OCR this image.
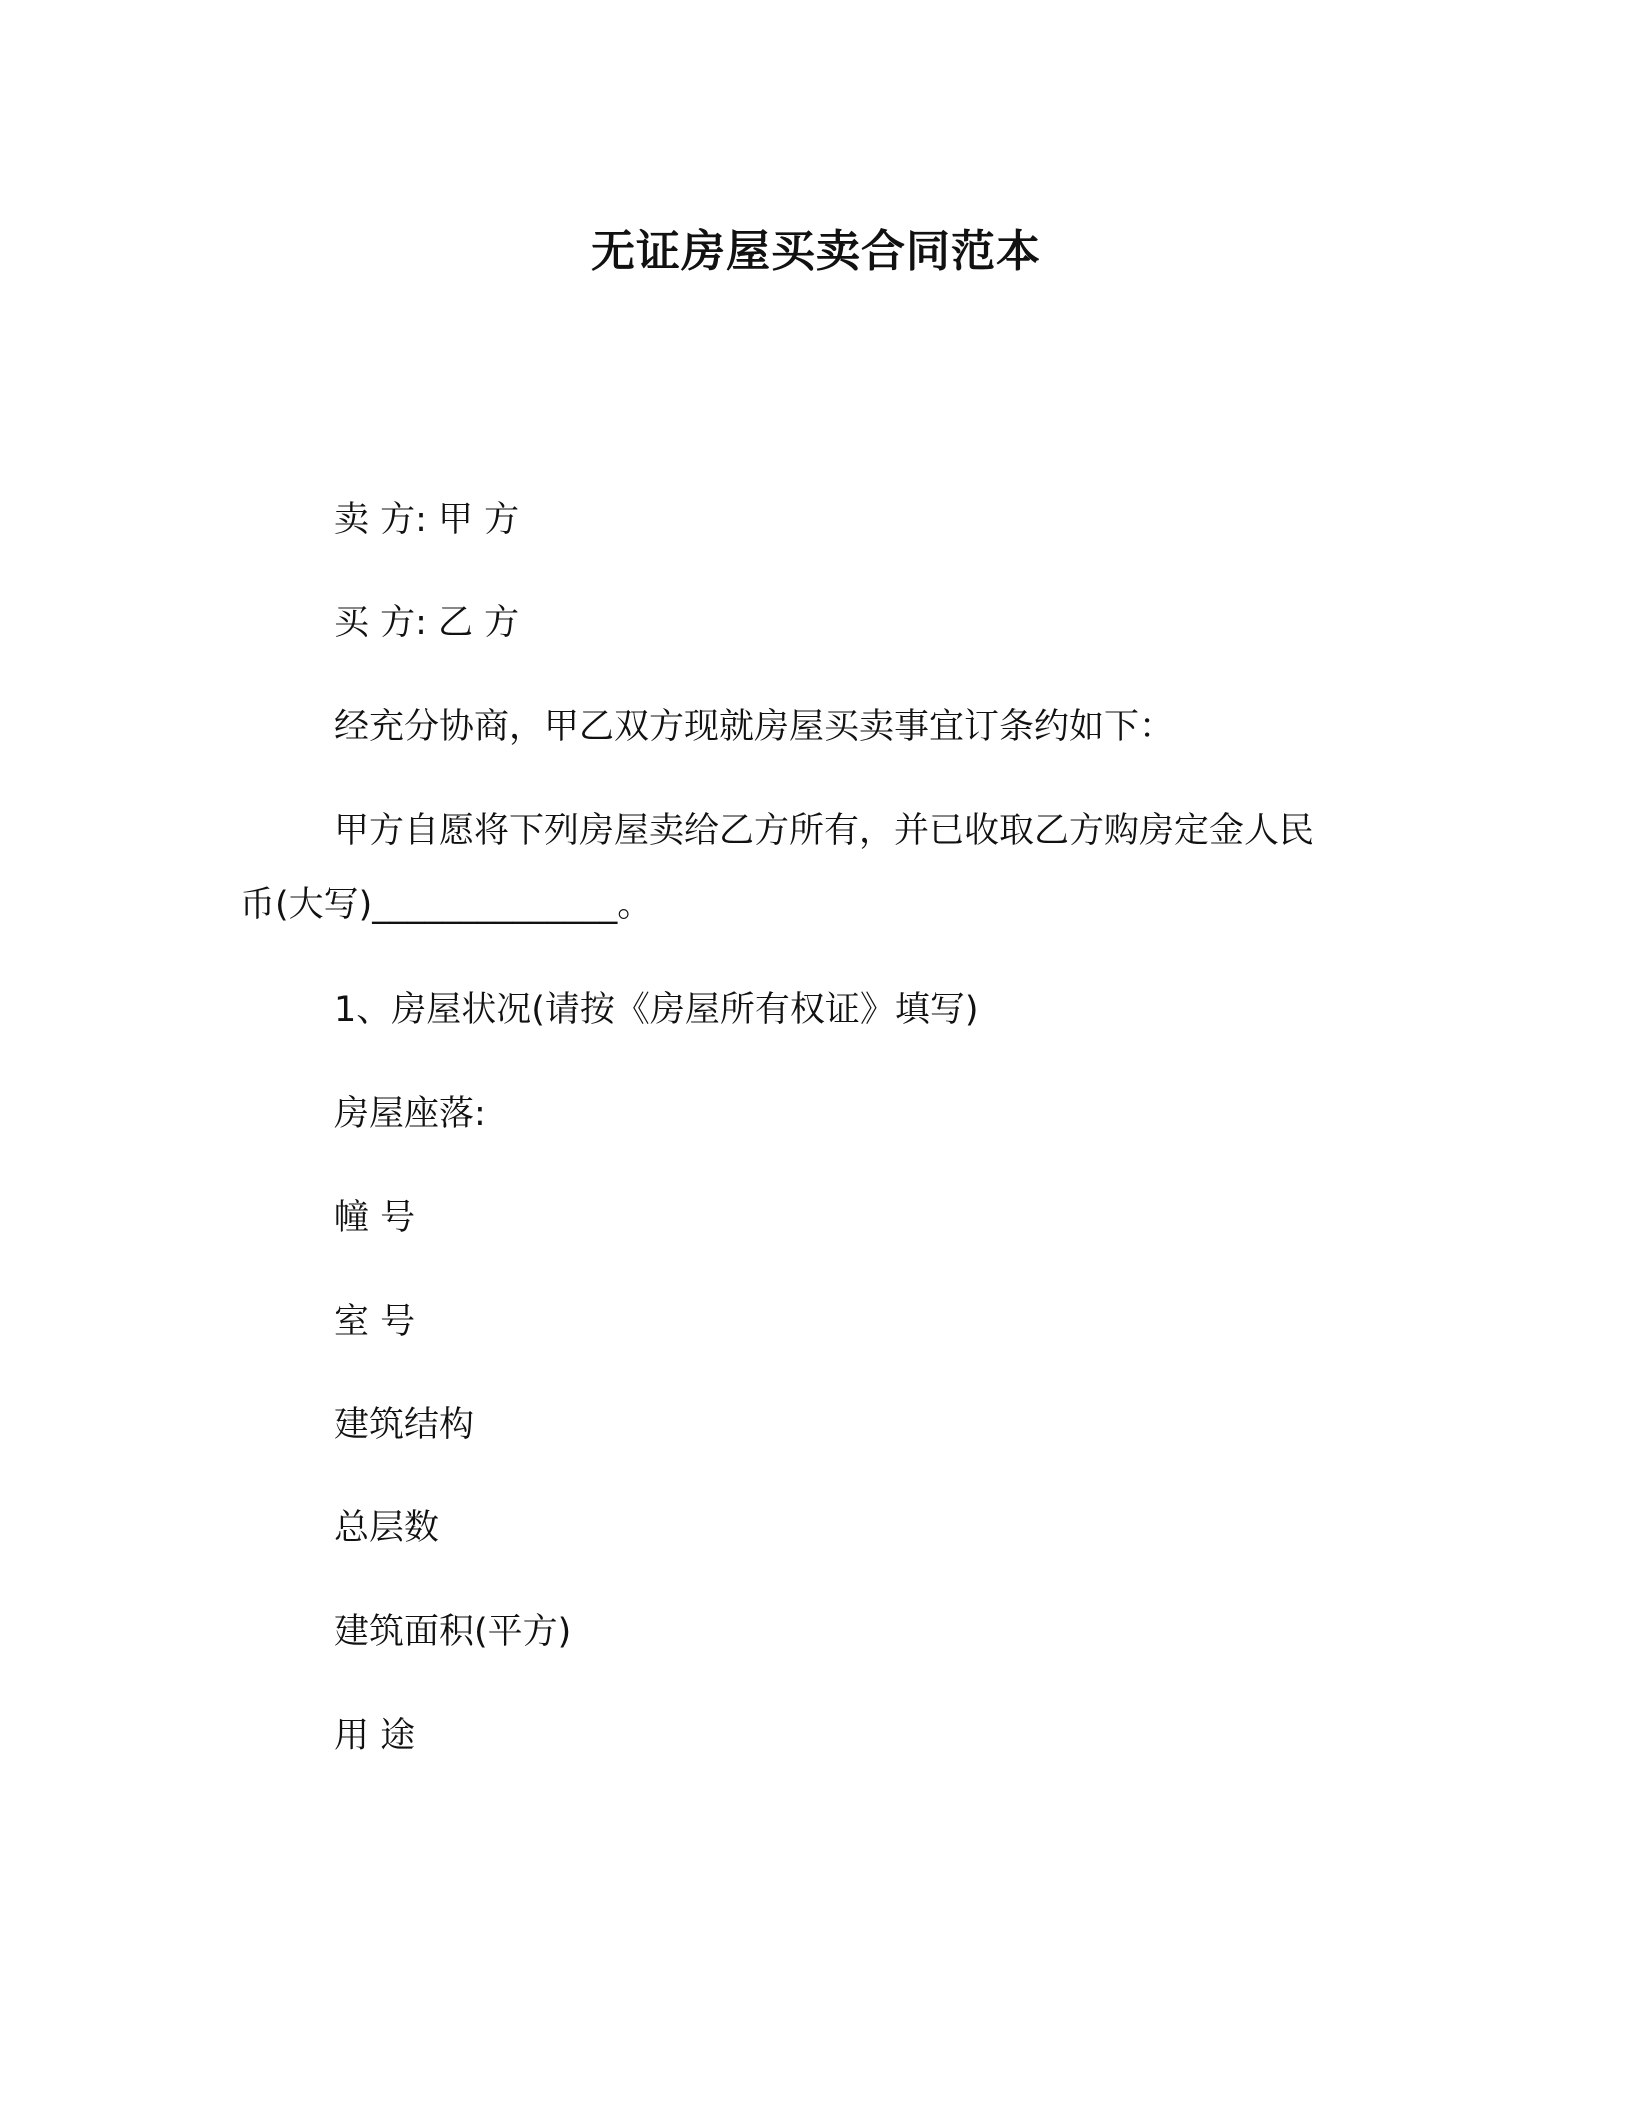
无证房屋买卖合同范本
卖 方: 甲 方
买 方: 乙 方
经充分协商，甲乙双方现就房屋买卖事宜订条约如下：
甲方自愿将下列房屋卖给乙方所有，并已收取乙方购房定金人民
币(大写)______________。
1、房屋状况(请按《房屋所有权证》填写)
房屋座落:
幢 号
室 号
建筑结构
总层数
建筑面积(平方)
用 途
